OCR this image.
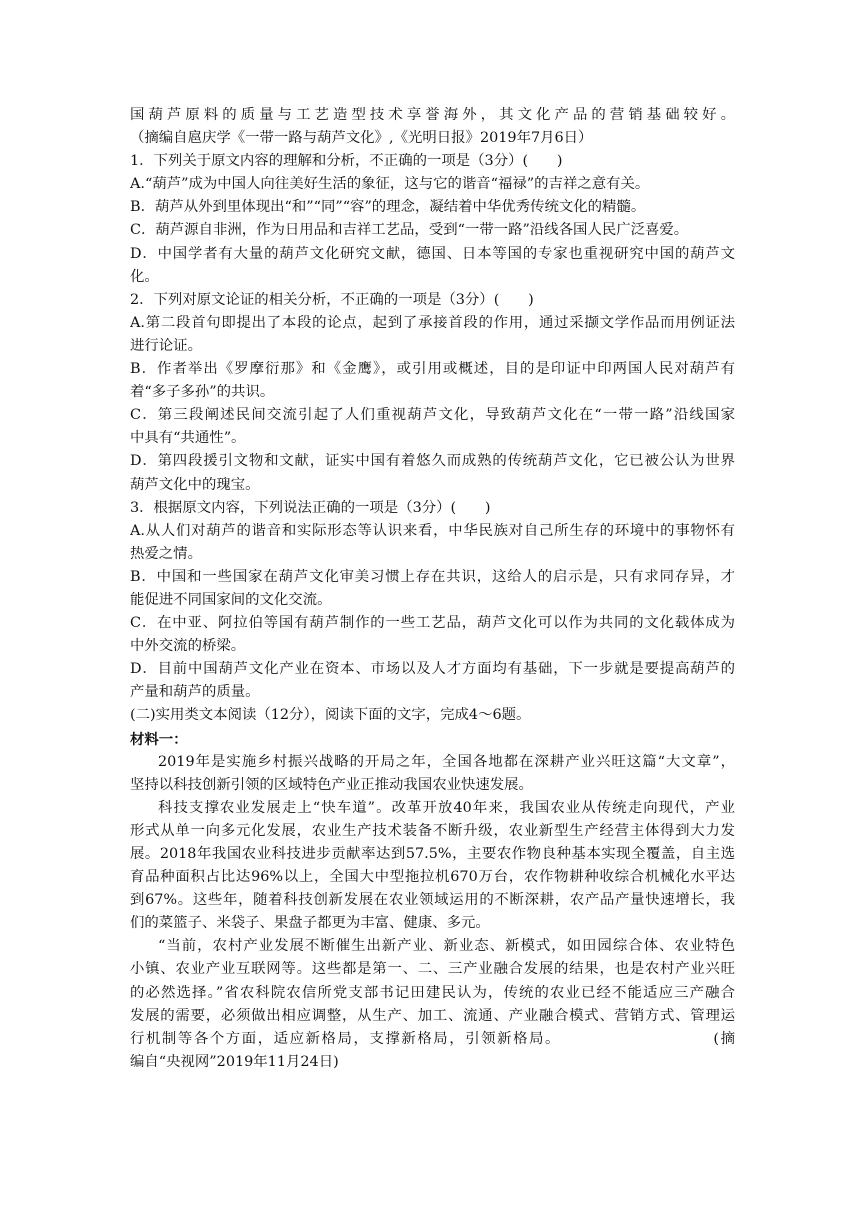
国葫芦原料的质量与工艺造型技术享誉海外，其文化产品的营销基础较好。
（摘编自扈庆学《一带一路与葫芦文化》,《光明日报》2019年7月6日）
1．下列关于原文内容的理解和分析，不正确的一项是（3分）(　　)
A.“葫芦”成为中国人向往美好生活的象征，这与它的谐音“福禄”的吉祥之意有关。
B．葫芦从外到里体现出“和”“同”“容”的理念，凝结着中华优秀传统文化的精髓。
C．葫芦源自非洲，作为日用品和吉祥工艺品，受到“一带一路”沿线各国人民广泛喜爱。
D．中国学者有大量的葫芦文化研究文献，德国、日本等国的专家也重视研究中国的葫芦文
化。
2．下列对原文论证的相关分析，不正确的一项是（3分）(　　)
A.第二段首句即提出了本段的论点，起到了承接首段的作用，通过采撷文学作品而用例证法
进行论证。
B．作者举出《罗摩衍那》和《金鹰》，或引用或概述，目的是印证中印两国人民对葫芦有
着“多子多孙”的共识。
C．第三段阐述民间交流引起了人们重视葫芦文化，导致葫芦文化在“一带一路”沿线国家
中具有“共通性”。
D．第四段援引文物和文献，证实中国有着悠久而成熟的传统葫芦文化，它已被公认为世界
葫芦文化中的瑰宝。
3．根据原文内容，下列说法正确的一项是（3分）(　　)
A.从人们对葫芦的谐音和实际形态等认识来看，中华民族对自己所生存的环境中的事物怀有
热爱之情。
B．中国和一些国家在葫芦文化审美习惯上存在共识，这给人的启示是，只有求同存异，才
能促进不同国家间的文化交流。
C．在中亚、阿拉伯等国有葫芦制作的一些工艺品，葫芦文化可以作为共同的文化载体成为
中外交流的桥梁。
D．目前中国葫芦文化产业在资本、市场以及人才方面均有基础，下一步就是要提高葫芦的
产量和葫芦的质量。
(二)实用类文本阅读（12分），阅读下面的文字，完成4～6题。
材料一：
2019年是实施乡村振兴战略的开局之年，全国各地都在深耕产业兴旺这篇“大文章”，
坚持以科技创新引领的区域特色产业正推动我国农业快速发展。
科技支撑农业发展走上“快车道”。改革开放40年来，我国农业从传统走向现代，产业
形式从单一向多元化发展，农业生产技术装备不断升级，农业新型生产经营主体得到大力发
展。2018年我国农业科技进步贡献率达到57.5%，主要农作物良种基本实现全覆盖，自主选
育品种面积占比达96%以上，全国大中型拖拉机670万台，农作物耕种收综合机械化水平达
到67%。这些年，随着科技创新发展在农业领域运用的不断深耕，农产品产量快速增长，我
们的菜篮子、米袋子、果盘子都更为丰富、健康、多元。
“当前，农村产业发展不断催生出新产业、新业态、新模式，如田园综合体、农业特色
小镇、农业产业互联网等。这些都是第一、二、三产业融合发展的结果，也是农村产业兴旺
的必然选择。”省农科院农信所党支部书记田建民认为，传统的农业已经不能适应三产融合
发展的需要，必须做出相应调整，从生产、加工、流通、产业融合模式、营销方式、管理运
行机制等各个方面，适应新格局，支撑新格局，引领新格局。　　　　　　　　　　(摘
编自“央视网”2019年11月24日)
